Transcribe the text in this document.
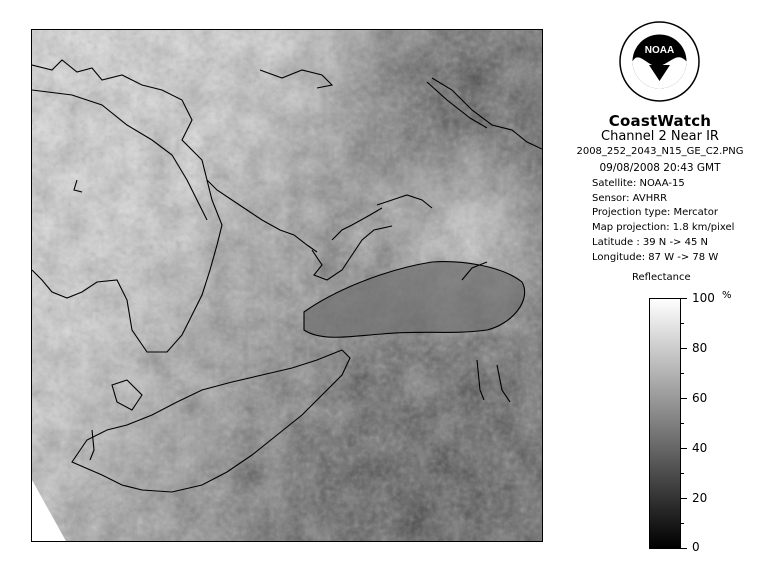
NOAA
CoastWatch
Channel 2 Near IR
2008_252_2043_N15_GE_C2.PNG
09/08/2008 20:43 GMT
Satellite: NOAA-15
Sensor: AVHRR
Projection type: Mercator
Map projection: 1.8 km/pixel
Latitude : 39 N -> 45 N
Longitude: 87 W -> 78 W
Reflectance
%
100
80
60
40
20
0
